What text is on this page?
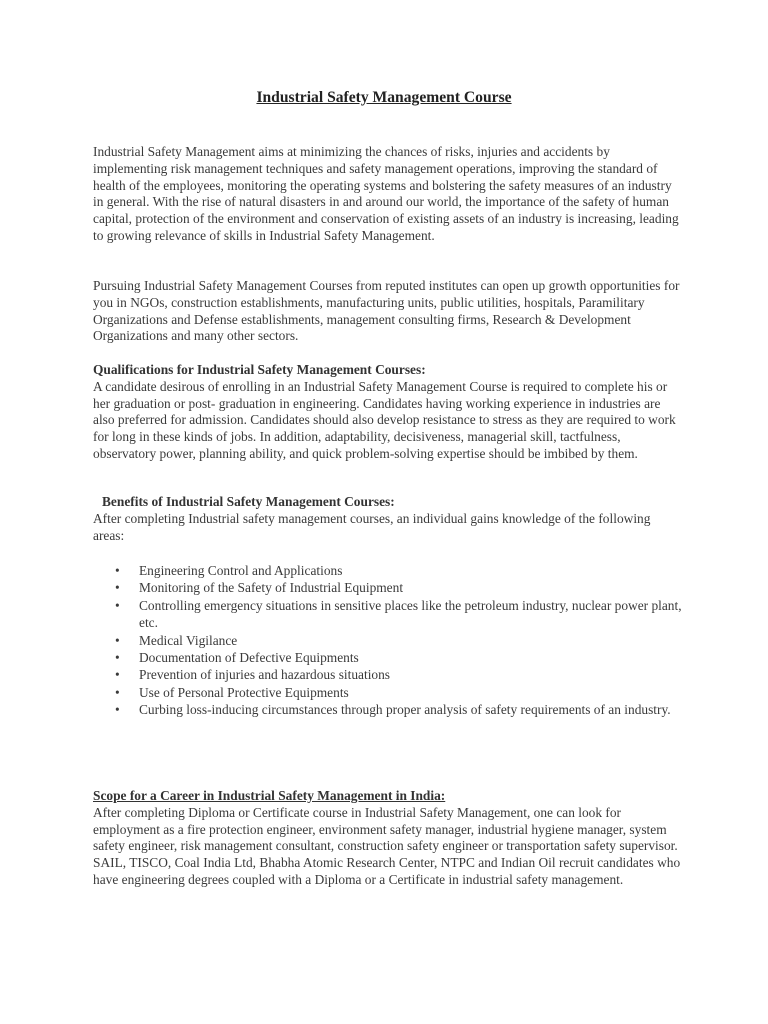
Industrial Safety Management Course

Industrial Safety Management aims at minimizing the chances of risks, injuries and accidents by implementing risk management techniques and safety management operations, improving the standard of health of the employees, monitoring the operating systems and bolstering the safety measures of an industry in general. With the rise of natural disasters in and around our world, the importance of the safety of human capital, protection of the environment and conservation of existing assets of an industry is increasing, leading to growing relevance of skills in Industrial Safety Management.

Pursuing Industrial Safety Management Courses from reputed institutes can open up growth opportunities for you in NGOs, construction establishments, manufacturing units, public utilities, hospitals, Paramilitary Organizations and Defense establishments, management consulting firms, Research & Development Organizations and many other sectors.

Qualifications for Industrial Safety Management Courses:
A candidate desirous of enrolling in an Industrial Safety Management Course is required to complete his or her graduation or post- graduation in engineering. Candidates having working experience in industries are also preferred for admission. Candidates should also develop resistance to stress as they are required to work for long in these kinds of jobs. In addition, adaptability, decisiveness, managerial skill, tactfulness, observatory power, planning ability, and quick problem-solving expertise should be imbibed by them.
Benefits of Industrial Safety Management Courses:
After completing Industrial safety management courses, an individual gains knowledge of the following areas:
• Engineering Control and Applications
• Monitoring of the Safety of Industrial Equipment
• Controlling emergency situations in sensitive places like the petroleum industry, nuclear power plant, etc.
• Medical Vigilance
• Documentation of Defective Equipments
• Prevention of injuries and hazardous situations
• Use of Personal Protective Equipments
• Curbing loss-inducing circumstances through proper analysis of safety requirements of an industry.
Scope for a Career in Industrial Safety Management in India:
After completing Diploma or Certificate course in Industrial Safety Management, one can look for employment as a fire protection engineer, environment safety manager, industrial hygiene manager, system safety engineer, risk management consultant, construction safety engineer or transportation safety supervisor. SAIL, TISCO, Coal India Ltd, Bhabha Atomic Research Center, NTPC and Indian Oil recruit candidates who have engineering degrees coupled with a Diploma or a Certificate in industrial safety management.
